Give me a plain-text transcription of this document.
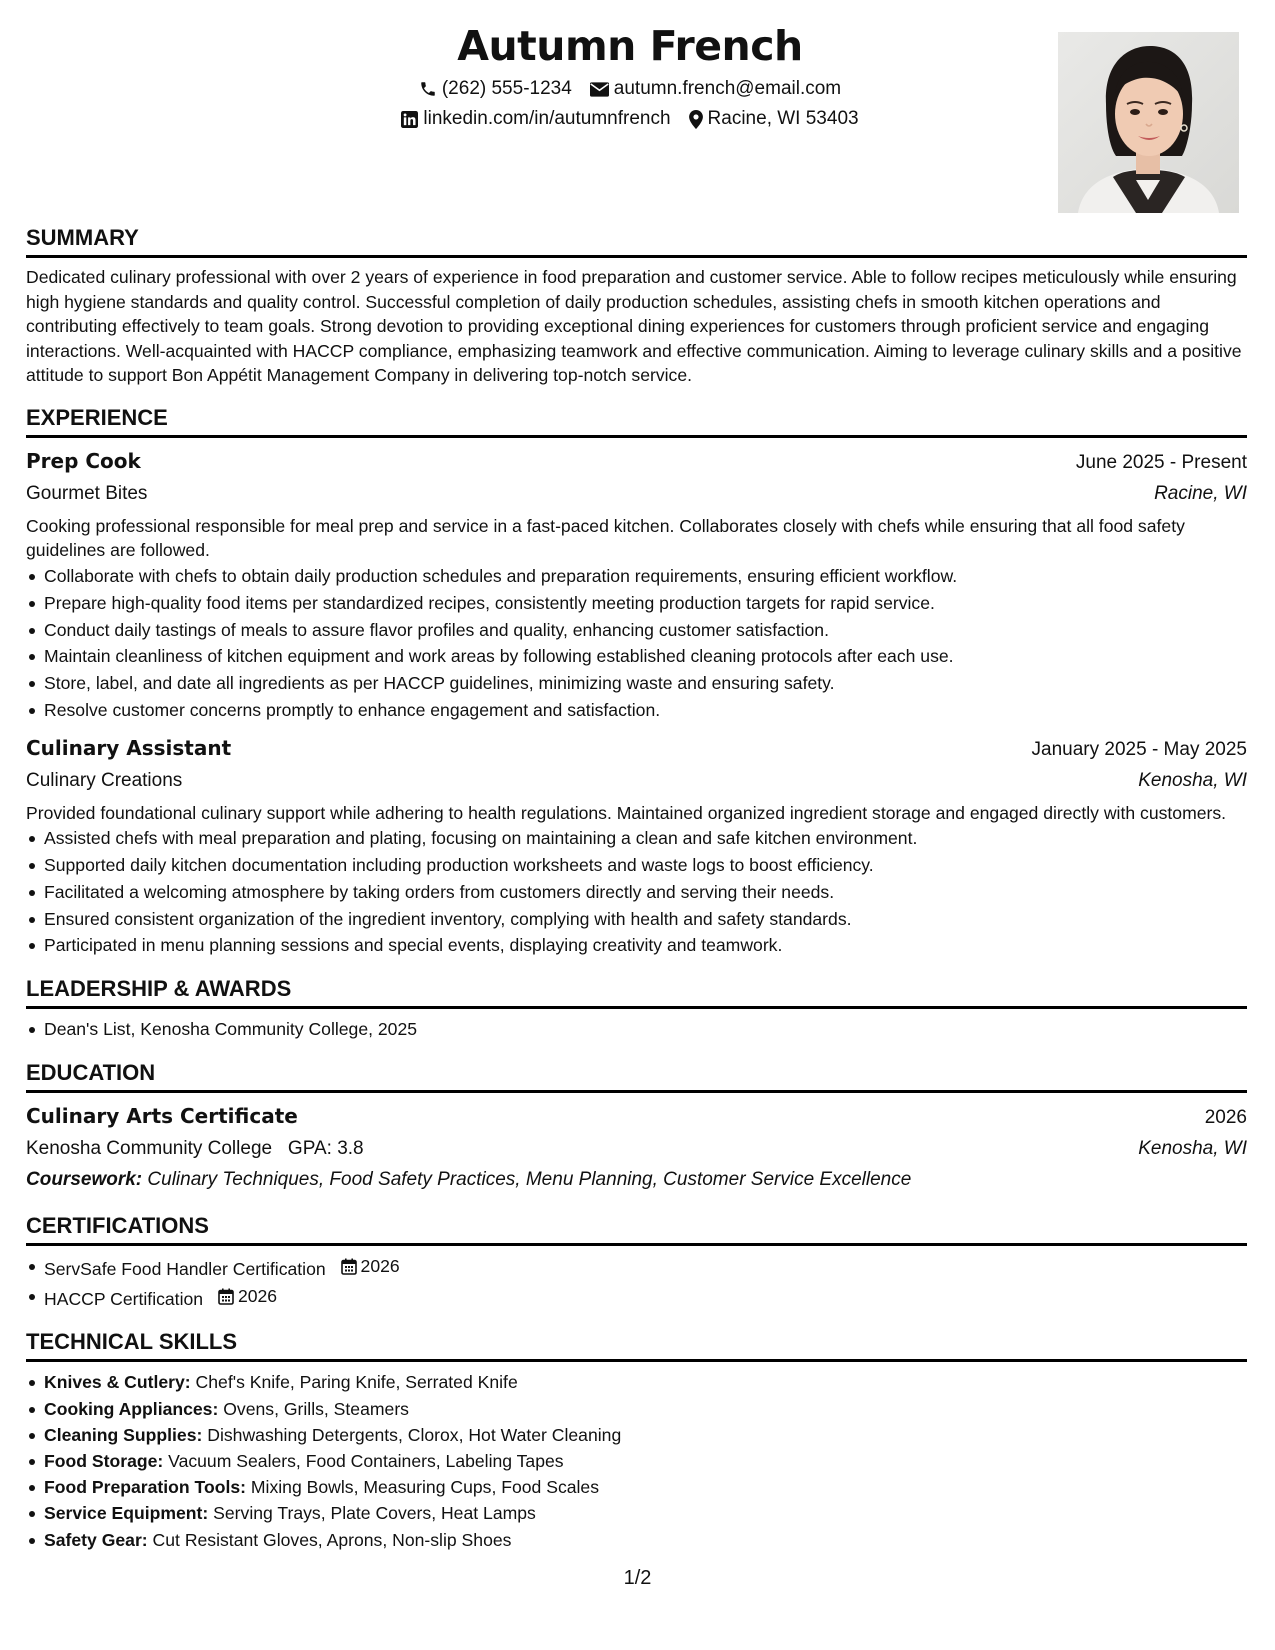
Autumn French
(262) 555-1234 autumn.french@email.com
linkedin.com/in/autumnfrench Racine, WI 53403
SUMMARY

Dedicated culinary professional with over 2 years of experience in food preparation and customer service. Able to follow recipes meticulously while ensuring high hygiene standards and quality control. Successful completion of daily production schedules, assisting chefs in smooth kitchen operations and contributing effectively to team goals. Strong devotion to providing exceptional dining experiences for customers through proficient service and engaging interactions. Well-acquainted with HACCP compliance, emphasizing teamwork and effective communication. Aiming to leverage culinary skills and a positive attitude to support Bon Appétit Management Company in delivering top-notch service.

EXPERIENCE
Prep Cook	June 2025 - Present
Gourmet Bites	Racine, WI

Cooking professional responsible for meal prep and service in a fast-paced kitchen. Collaborates closely with chefs while ensuring that all food safety guidelines are followed.

Collaborate with chefs to obtain daily production schedules and preparation requirements, ensuring efficient workflow.
Prepare high-quality food items per standardized recipes, consistently meeting production targets for rapid service.
Conduct daily tastings of meals to assure flavor profiles and quality, enhancing customer satisfaction.
Maintain cleanliness of kitchen equipment and work areas by following established cleaning protocols after each use.
Store, label, and date all ingredients as per HACCP guidelines, minimizing waste and ensuring safety.
Resolve customer concerns promptly to enhance engagement and satisfaction.
Culinary Assistant	January 2025 - May 2025
Culinary Creations	Kenosha, WI

Provided foundational culinary support while adhering to health regulations. Maintained organized ingredient storage and engaged directly with customers.

Assisted chefs with meal preparation and plating, focusing on maintaining a clean and safe kitchen environment.
Supported daily kitchen documentation including production worksheets and waste logs to boost efficiency.
Facilitated a welcoming atmosphere by taking orders from customers directly and serving their needs.
Ensured consistent organization of the ingredient inventory, complying with health and safety standards.
Participated in menu planning sessions and special events, displaying creativity and teamwork.
LEADERSHIP & AWARDS
Dean's List, Kenosha Community College, 2025
EDUCATION
Culinary Arts Certificate	2026
Kenosha Community College GPA: 3.8	Kenosha, WI
Coursework: Culinary Techniques, Food Safety Practices, Menu Planning, Customer Service Excellence
CERTIFICATIONS
ServSafe Food Handler Certification 2026
HACCP Certification 2026
TECHNICAL SKILLS
Knives & Cutlery: Chef's Knife, Paring Knife, Serrated Knife
Cooking Appliances: Ovens, Grills, Steamers
Cleaning Supplies: Dishwashing Detergents, Clorox, Hot Water Cleaning
Food Storage: Vacuum Sealers, Food Containers, Labeling Tapes
Food Preparation Tools: Mixing Bowls, Measuring Cups, Food Scales
Service Equipment: Serving Trays, Plate Covers, Heat Lamps
Safety Gear: Cut Resistant Gloves, Aprons, Non-slip Shoes
1/2
